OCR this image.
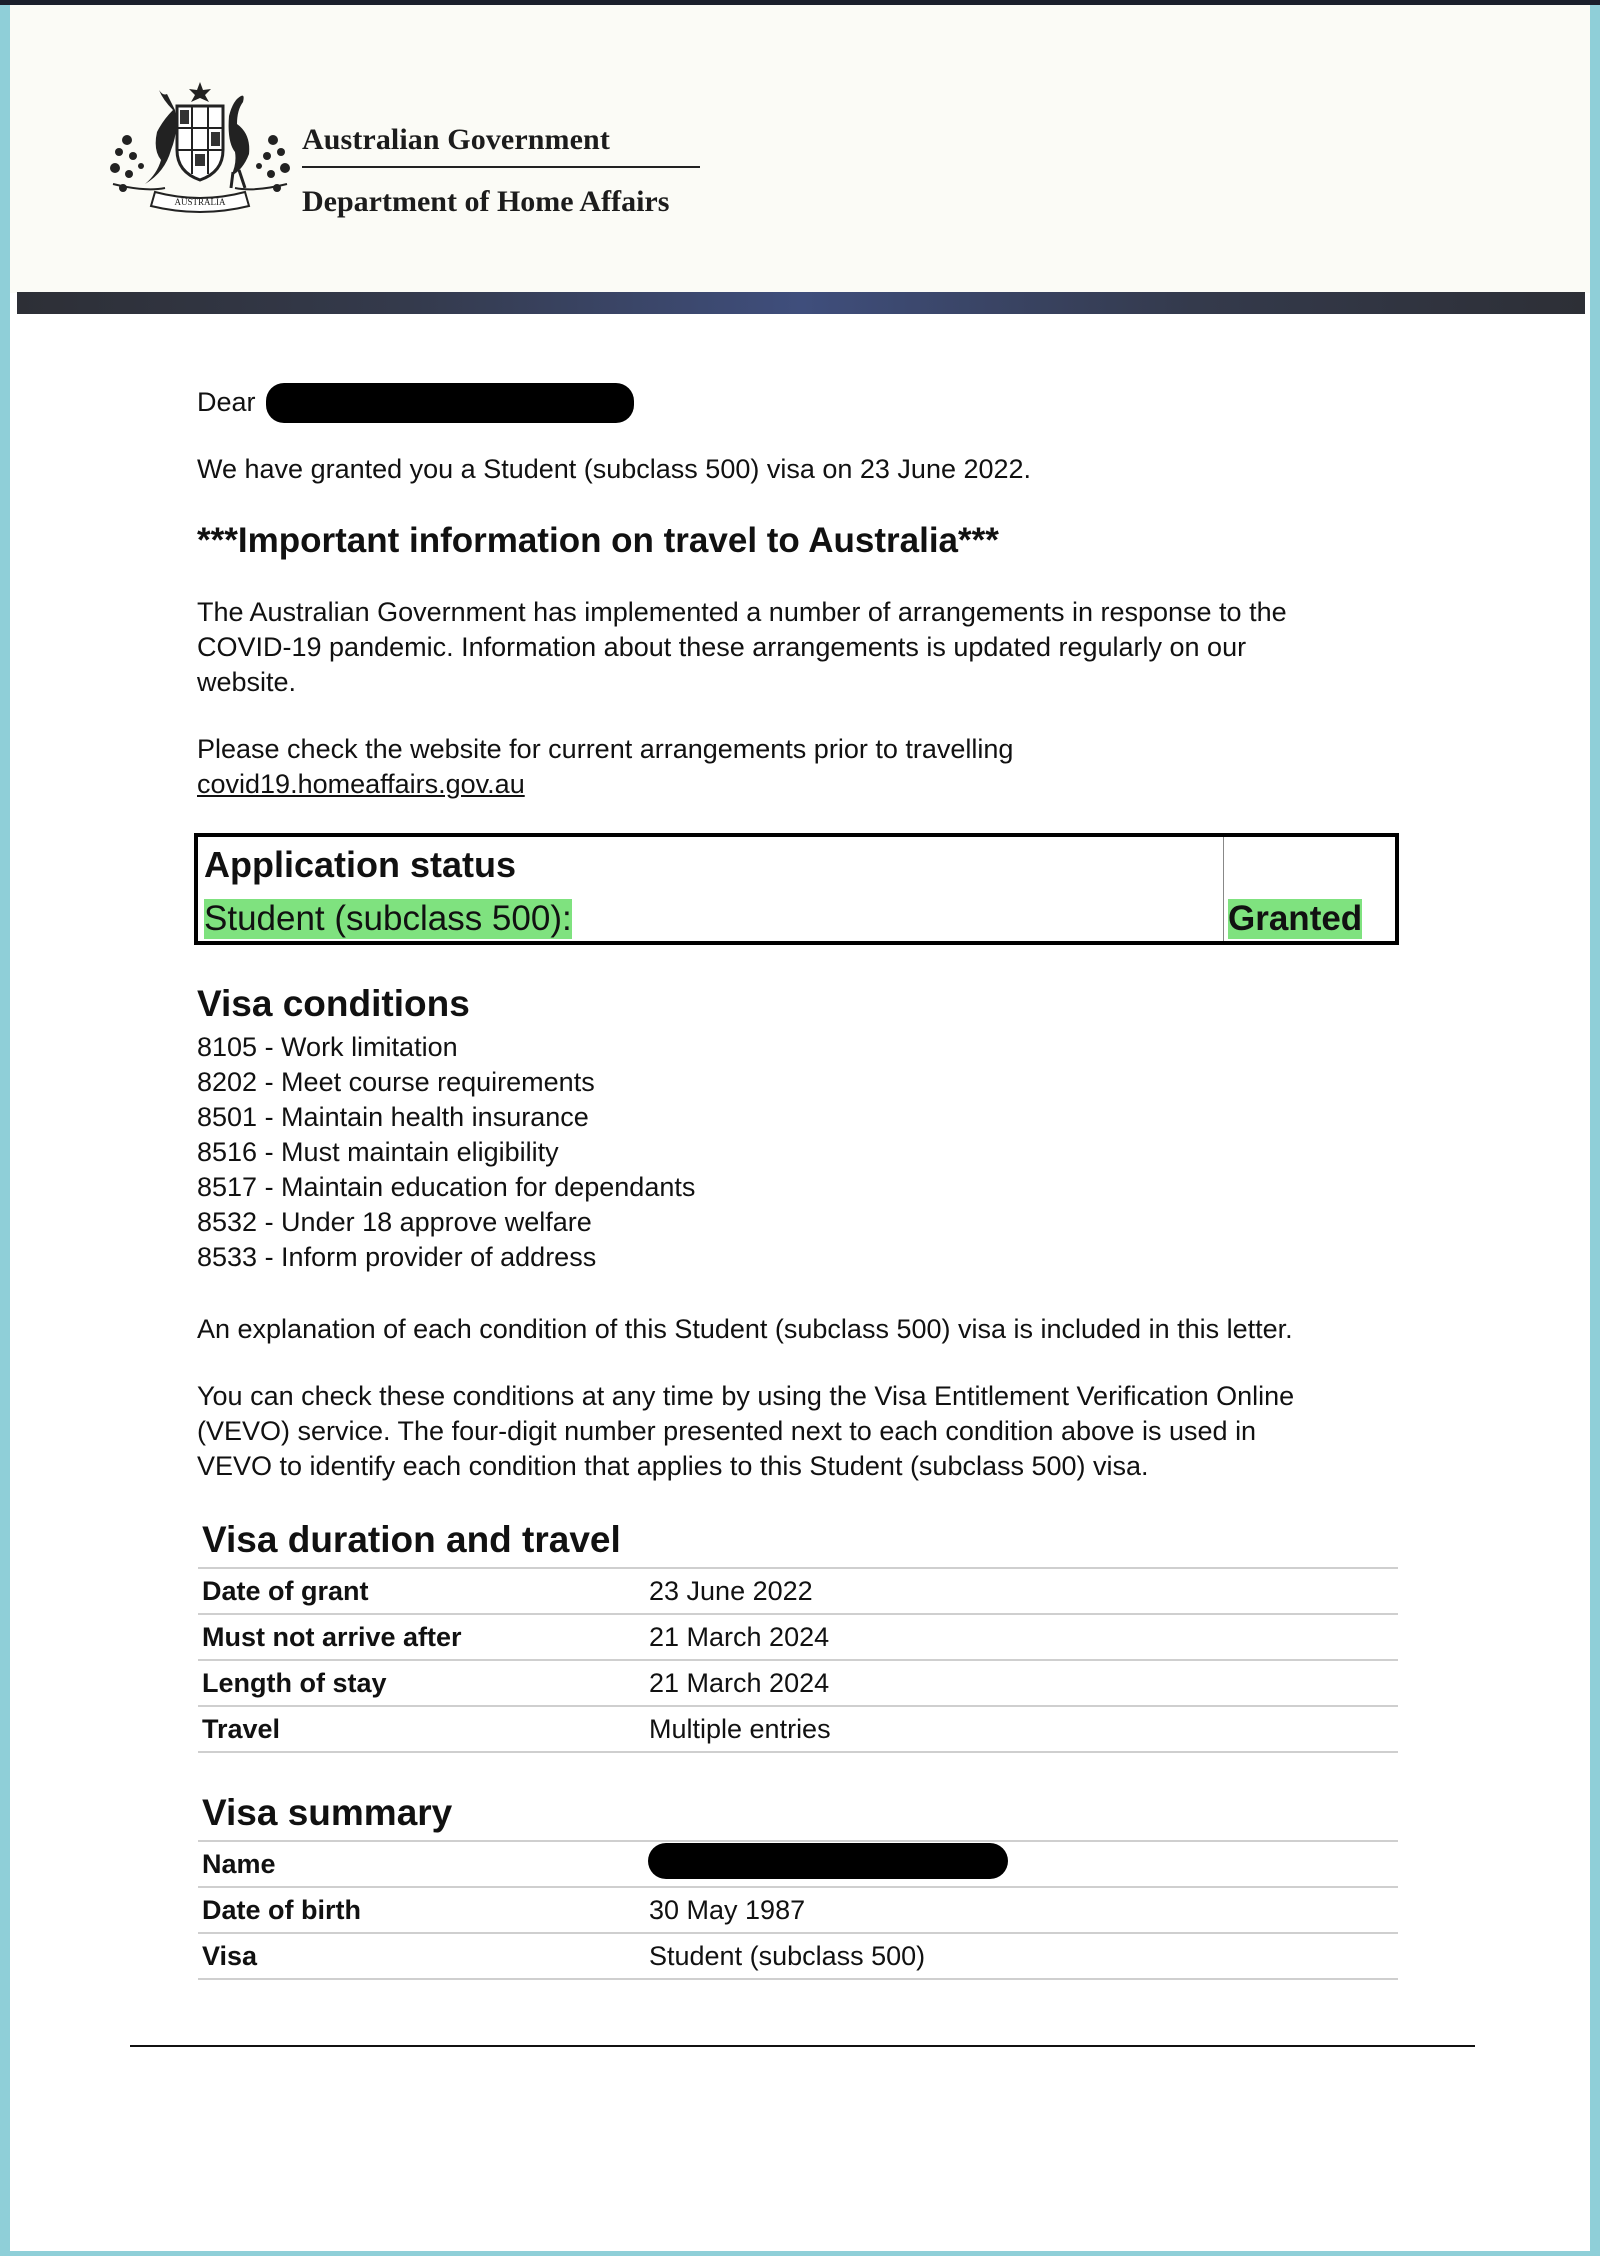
AUSTRALIA
Australian Government
Department of Home Affairs
Dear
We have granted you a Student (subclass 500) visa on 23 June 2022.
***Important information on travel to Australia***
The Australian Government has implemented a number of arrangements in response to the
COVID-19 pandemic. Information about these arrangements is updated regularly on our
website.
Please check the website for current arrangements prior to travelling
covid19.homeaffairs.gov.au
Application status
Student (subclass 500):	Granted
Visa conditions
8105 - Work limitation
8202 - Meet course requirements
8501 - Maintain health insurance
8516 - Must maintain eligibility
8517 - Maintain education for dependants
8532 - Under 18 approve welfare
8533 - Inform provider of address
An explanation of each condition of this Student (subclass 500) visa is included in this letter.
You can check these conditions at any time by using the Visa Entitlement Verification Online
(VEVO) service. The four-digit number presented next to each condition above is used in
VEVO to identify each condition that applies to this Student (subclass 500) visa.
Visa duration and travel
Date of grant	23 June 2022
Must not arrive after	21 March 2024
Length of stay	21 March 2024
Travel	Multiple entries
Visa summary
Name
Date of birth	30 May 1987
Visa	Student (subclass 500)
